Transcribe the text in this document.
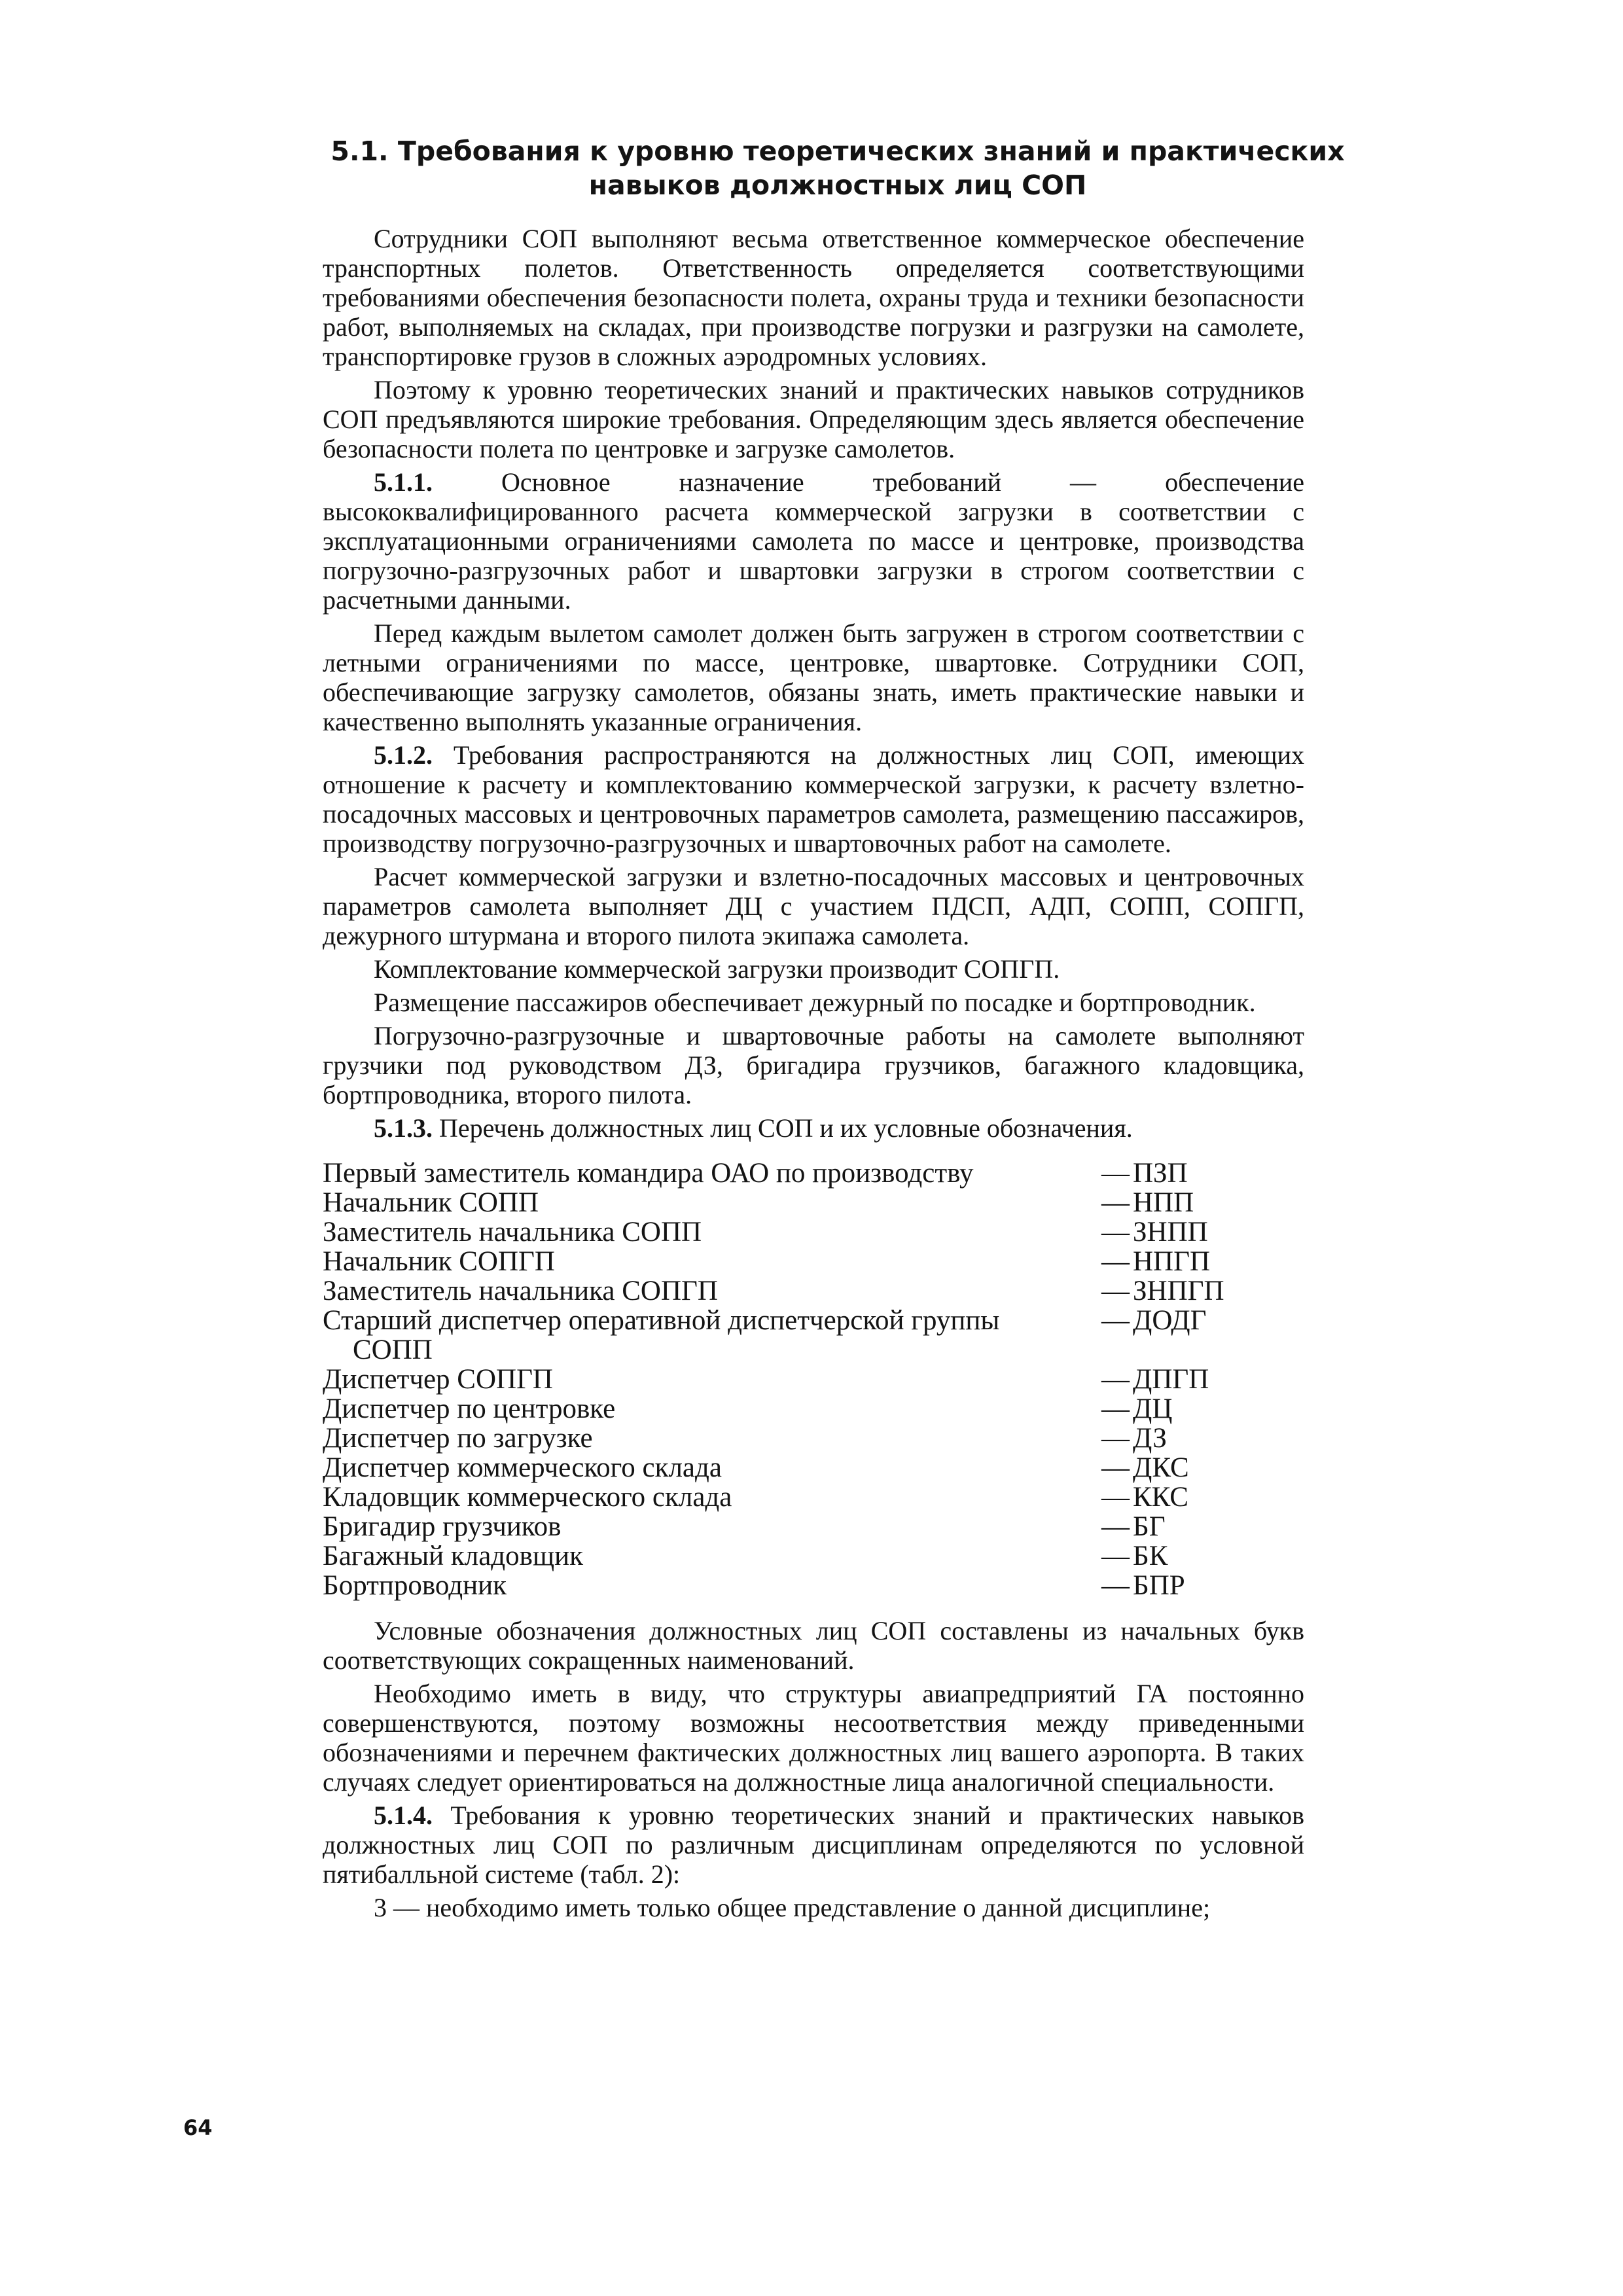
5.1. Требования к уровню теоретических знаний и практических
навыков должностных лиц СОП

Сотрудники СОП выполняют весьма ответственное коммерческое обеспечение транспортных полетов. Ответственность определяется соответствующими требованиями обеспечения безопасности полета, охраны труда и техники безопасности работ, выполняемых на складах, при производстве погрузки и разгрузки на самолете, транспортировке грузов в сложных аэродромных условиях.

Поэтому к уровню теоретических знаний и практических навыков сотрудников СОП предъявляются широкие требования. Определяющим здесь является обеспечение безопасности полета по центровке и загрузке самолетов.

5.1.1.	Основное назначение требований — обеспечение высококвалифицированного расчета коммерческой загрузки в соответствии с эксплуатационными ограничениями самолета по массе и центровке, производства погрузочно-разгрузочных работ и швартовки загрузки в строгом соответствии с расчетными данными.

Перед каждым вылетом самолет должен быть загружен в строгом соответствии с летными ограничениями по массе, центровке, швартовке. Сотрудники СОП, обеспечивающие загрузку самолетов, обязаны знать, иметь практические навыки и качественно выполнять указанные ограничения.

5.1.2. Требования распространяются на должностных лиц СОП, имеющих отношение к расчету и комплектованию коммерческой загрузки, к расчету взлетно-посадочных массовых и центровочных параметров самолета, размещению пассажиров, производству погрузочно-разгрузочных и швартовочных работ на самолете.

Расчет коммерческой загрузки и взлетно-посадочных массовых и центровочных параметров самолета выполняет ДЦ с участием ПДСП, АДП, СОПП, СОПГП, дежурного штурмана и второго пилота экипажа самолета.

Комплектование коммерческой загрузки производит СОПГП.

Размещение пассажиров обеспечивает дежурный по посадке и бортпроводник.

Погрузочно-разгрузочные и швартовочные работы на самолете выполняют грузчики под руководством ДЗ, бригадира грузчиков, багажного кладовщика, бортпроводника, второго пилота.

5.1.3. Перечень должностных лиц СОП и их условные обозначения.

Первый заместитель командира ОАО по производству	— ПЗП
Начальник СОПП	— НПП
Заместитель начальника СОПП	— ЗНПП
Начальник СОПГП	— НПГП
Заместитель начальника СОПГП	— ЗНПГП
Старший диспетчер оперативной диспетчерской группы	— ДОДГ
СОПП
Диспетчер СОПГП	— ДПГП
Диспетчер по центровке	— ДЦ
Диспетчер по загрузке	— ДЗ
Диспетчер коммерческого склада	— ДКС
Кладовщик коммерческого склада	— ККС
Бригадир грузчиков	— БГ
Багажный кладовщик	— БК
Бортпроводник	— БПР

Условные обозначения должностных лиц СОП составлены из начальных букв соответствующих сокращенных наименований.

Необходимо иметь в виду, что структуры авиапредприятий ГА постоянно совершенствуются, поэтому возможны несоответствия между приведенными обозначениями и перечнем фактических должностных лиц вашего аэропорта. В таких случаях следует ориентироваться на должностные лица аналогичной специальности.

5.1.4. Требования к уровню теоретических знаний и практических навыков должностных лиц СОП по различным дисциплинам определяются по условной пятибалльной системе (табл. 2):

3 — необходимо иметь только общее представление о данной дисциплине;

64
